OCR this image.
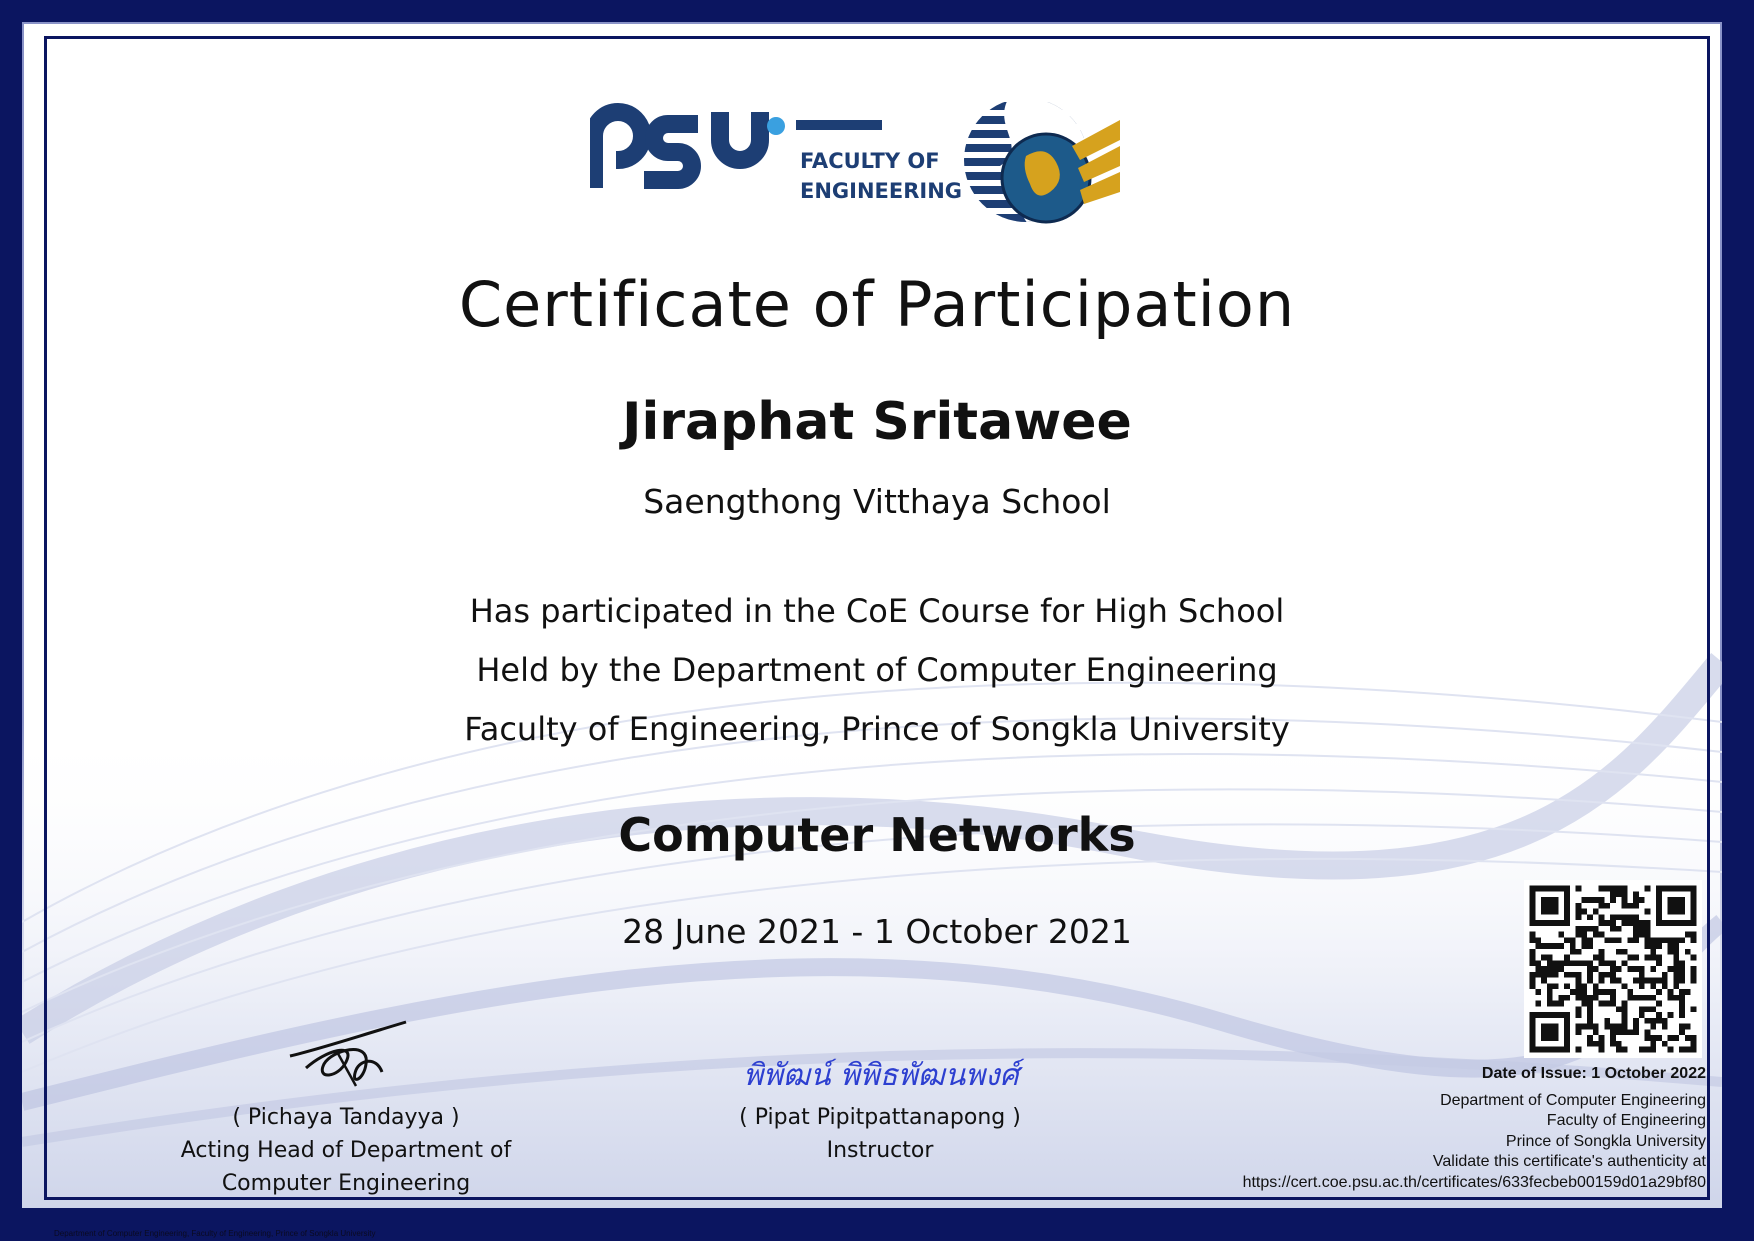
FACULTY OF
ENGINEERING
Certificate of Participation
Jiraphat Sritawee
Saengthong Vitthaya School
Has participated in the CoE Course for High School
Held by the Department of Computer Engineering
Faculty of Engineering, Prince of Songkla University
Computer Networks
28 June 2021 - 1 October 2021
( Pichaya Tandayya )
Acting Head of Department of
Computer Engineering
พิพัฒน์ พิพิธพัฒนพงศ์
( Pipat Pipitpattanapong )
Instructor
Date of Issue: 1 October 2022
Department of Computer Engineering
Faculty of Engineering
Prince of Songkla University
Validate this certificate's authenticity at
https://cert.coe.psu.ac.th/certificates/633fecbeb00159d01a29bf80
Department of Computer Engineering, Faculty of Engineering, Prince of Songkla University
